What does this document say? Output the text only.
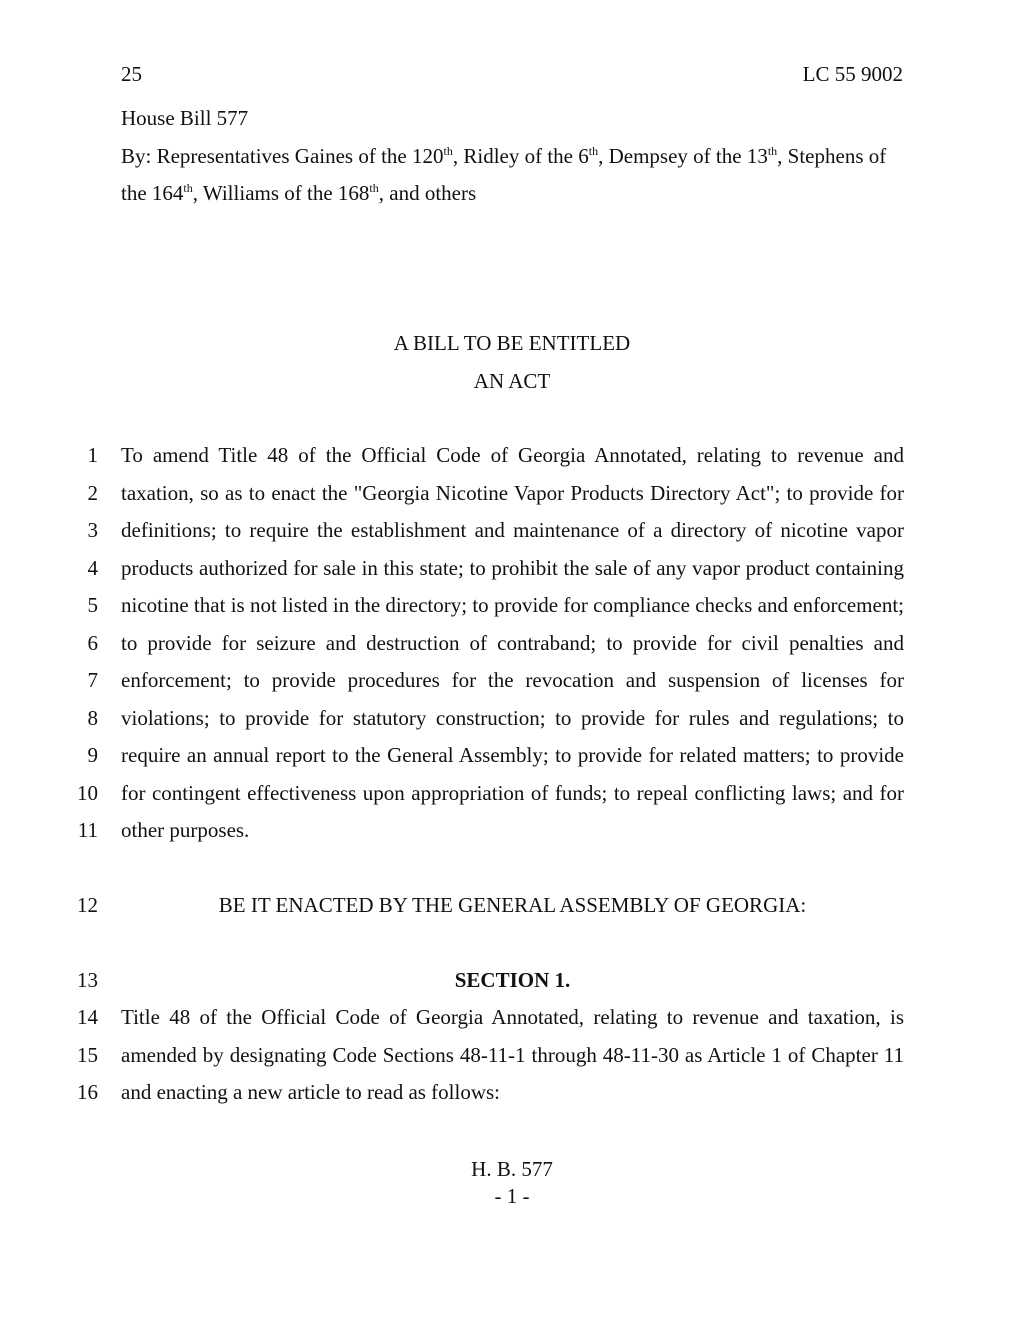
25	LC 55 9002
House Bill 577
By: Representatives Gaines of the 120th, Ridley of the 6th, Dempsey of the 13th, Stephens of
the 164th, Williams of the 168th, and others
A BILL TO BE ENTITLED
AN ACT
1 To amend Title 48 of the Official Code of Georgia Annotated, relating to revenue and
2 taxation, so as to enact the "Georgia Nicotine Vapor Products Directory Act"; to provide for
3 definitions; to require the establishment and maintenance of a directory of nicotine vapor
4 products authorized for sale in this state; to prohibit the sale of any vapor product containing
5 nicotine that is not listed in the directory; to provide for compliance checks and enforcement;
6 to provide for seizure and destruction of contraband; to provide for civil penalties and
7 enforcement; to provide procedures for the revocation and suspension of licenses for
8 violations; to provide for statutory construction; to provide for rules and regulations; to
9 require an annual report to the General Assembly; to provide for related matters; to provide
10 for contingent effectiveness upon appropriation of funds; to repeal conflicting laws; and for
11 other purposes.
12	BE IT ENACTED BY THE GENERAL ASSEMBLY OF GEORGIA:
13	SECTION 1.
14 Title 48 of the Official Code of Georgia Annotated, relating to revenue and taxation, is
15 amended by designating Code Sections 48-11-1 through 48-11-30 as Article 1 of Chapter 11
16 and enacting a new article to read as follows:
H. B. 577
- 1 -
